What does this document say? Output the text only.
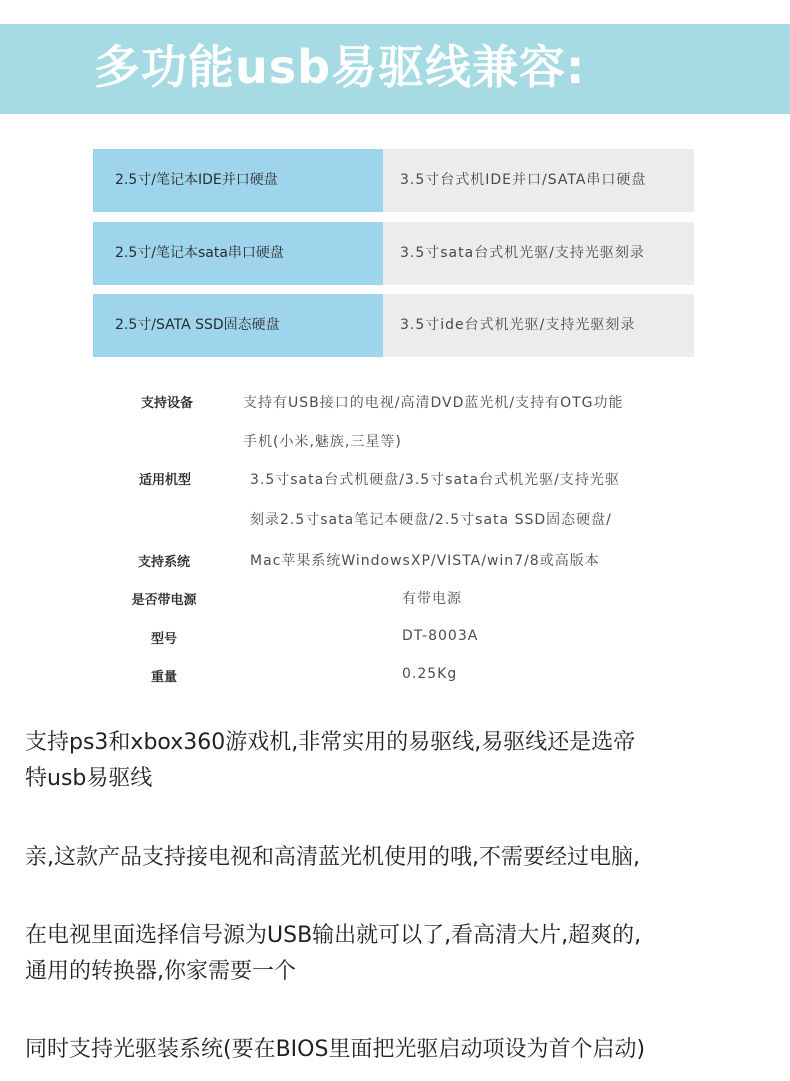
多功能usb易驱线兼容:
2.5寸/笔记本IDE并口硬盘	3.5寸台式机IDE并口/SATA串口硬盘
2.5寸/笔记本sata串口硬盘	3.5寸sata台式机光驱/支持光驱刻录
2.5寸/SATA SSD固态硬盘	3.5寸ide台式机光驱/支持光驱刻录
支持设备	支持有USB接口的电视/高清DVD蓝光机/支持有OTG功能
手机(小米,魅族,三星等)
适用机型	3.5寸sata台式机硬盘/3.5寸sata台式机光驱/支持光驱
刻录2.5寸sata笔记本硬盘/2.5寸sata SSD固态硬盘/
支持系统	Mac苹果系统WindowsXP/VISTA/win7/8或高版本
是否带电源	有带电源
型号	DT-8003A
重量	0.25Kg
支持ps3和xbox360游戏机,非常实用的易驱线,易驱线还是选帝
特usb易驱线
亲,这款产品支持接电视和高清蓝光机使用的哦,不需要经过电脑,
在电视里面选择信号源为USB输出就可以了,看高清大片,超爽的,
通用的转换器,你家需要一个
同时支持光驱装系统(要在BIOS里面把光驱启动项设为首个启动)
